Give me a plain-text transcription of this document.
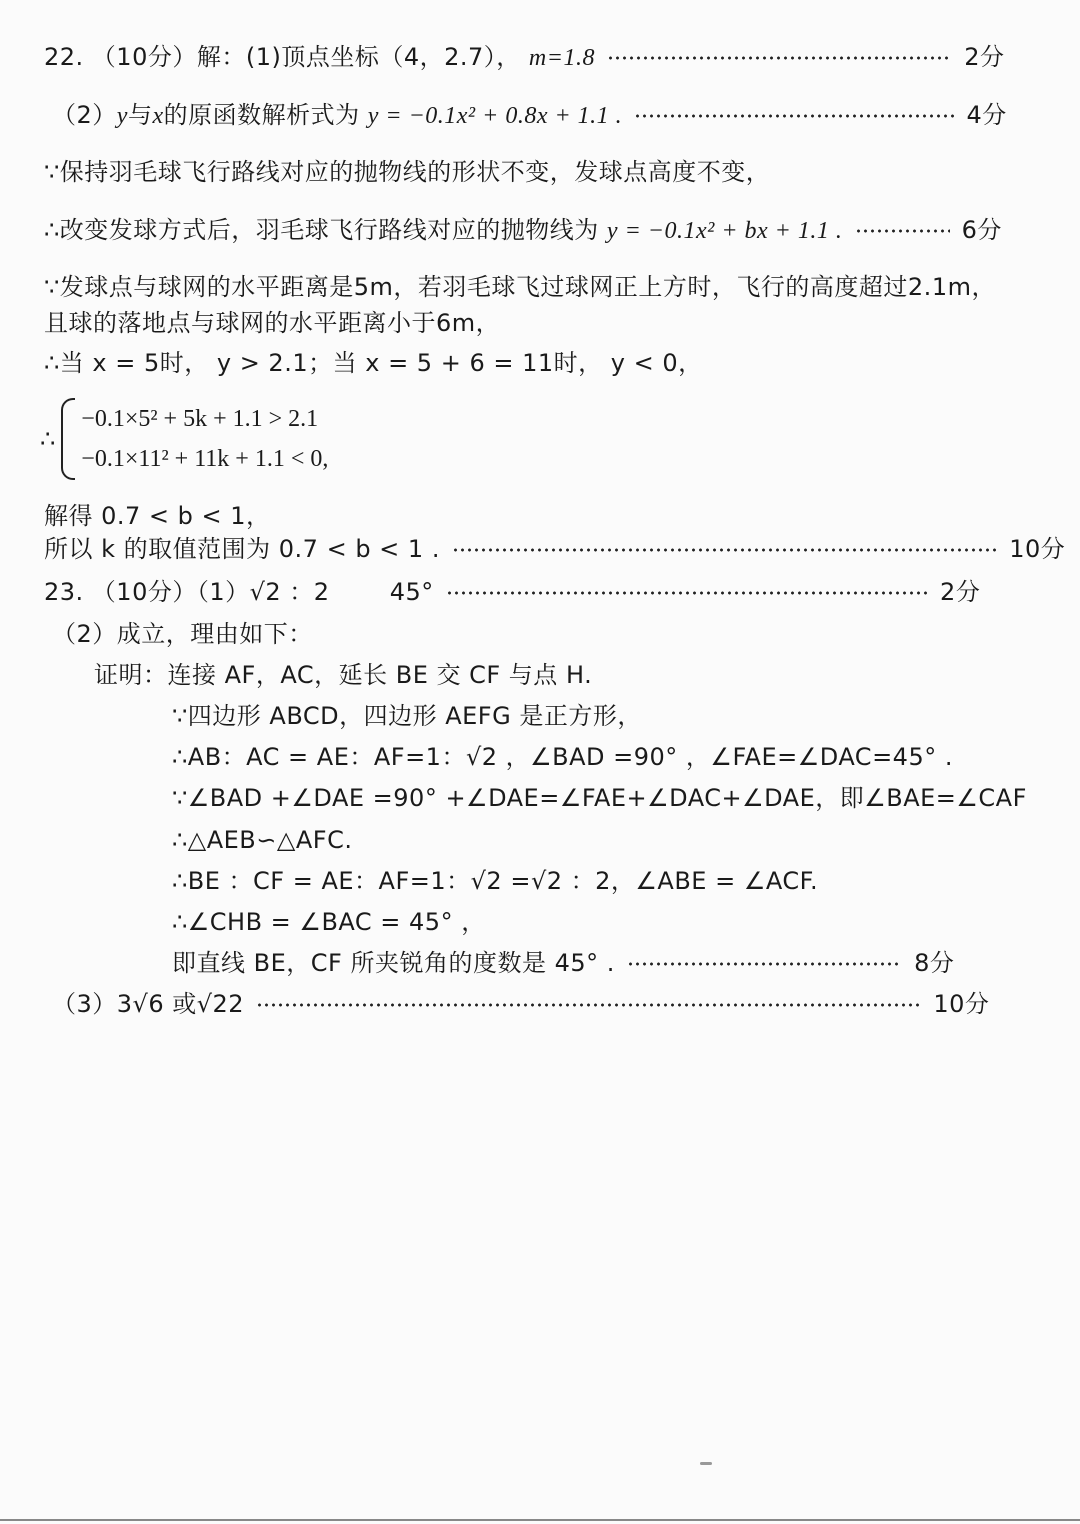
22. （10分）解：(1)顶点坐标（4，2.7）， m=1.8	2分
（2）y与x的原函数解析式为 y = −0.1x² + 0.8x + 1.1 .	4分
∵保持羽毛球飞行路线对应的抛物线的形状不变，发球点高度不变，
∴改变发球方式后，羽毛球飞行路线对应的抛物线为 y = −0.1x² + bx + 1.1 .	6分
∵发球点与球网的水平距离是5m，若羽毛球飞过球网正上方时，飞行的高度超过2.1m，
且球的落地点与球网的水平距离小于6m，
∴当 x = 5时， y > 2.1；当 x = 5 + 6 = 11时， y < 0，
∴
−0.1×5² + 5k + 1.1 > 2.1
−0.1×11² + 11k + 1.1 < 0,
解得 0.7 < b < 1，
所以 k 的取值范围为 0.7 < b < 1 .	10分
23. （10分）（1）√2 ：2	45°	2分
（2）成立，理由如下：
证明：连接 AF，AC，延长 BE 交 CF 与点 H.
∵四边形 ABCD，四边形 AEFG 是正方形，
∴AB：AC = AE：AF=1：√2 ，∠BAD =90° ，∠FAE=∠DAC=45° .
∵∠BAD +∠DAE =90° +∠DAE=∠FAE+∠DAC+∠DAE，即∠BAE=∠CAF
∴△AEB∽△AFC.
∴BE ：CF = AE：AF=1：√2 =√2 ：2，∠ABE = ∠ACF.
∴∠CHB = ∠BAC = 45° ，
即直线 BE，CF 所夹锐角的度数是 45° .	8分
（3）3√6 或√22	10分
